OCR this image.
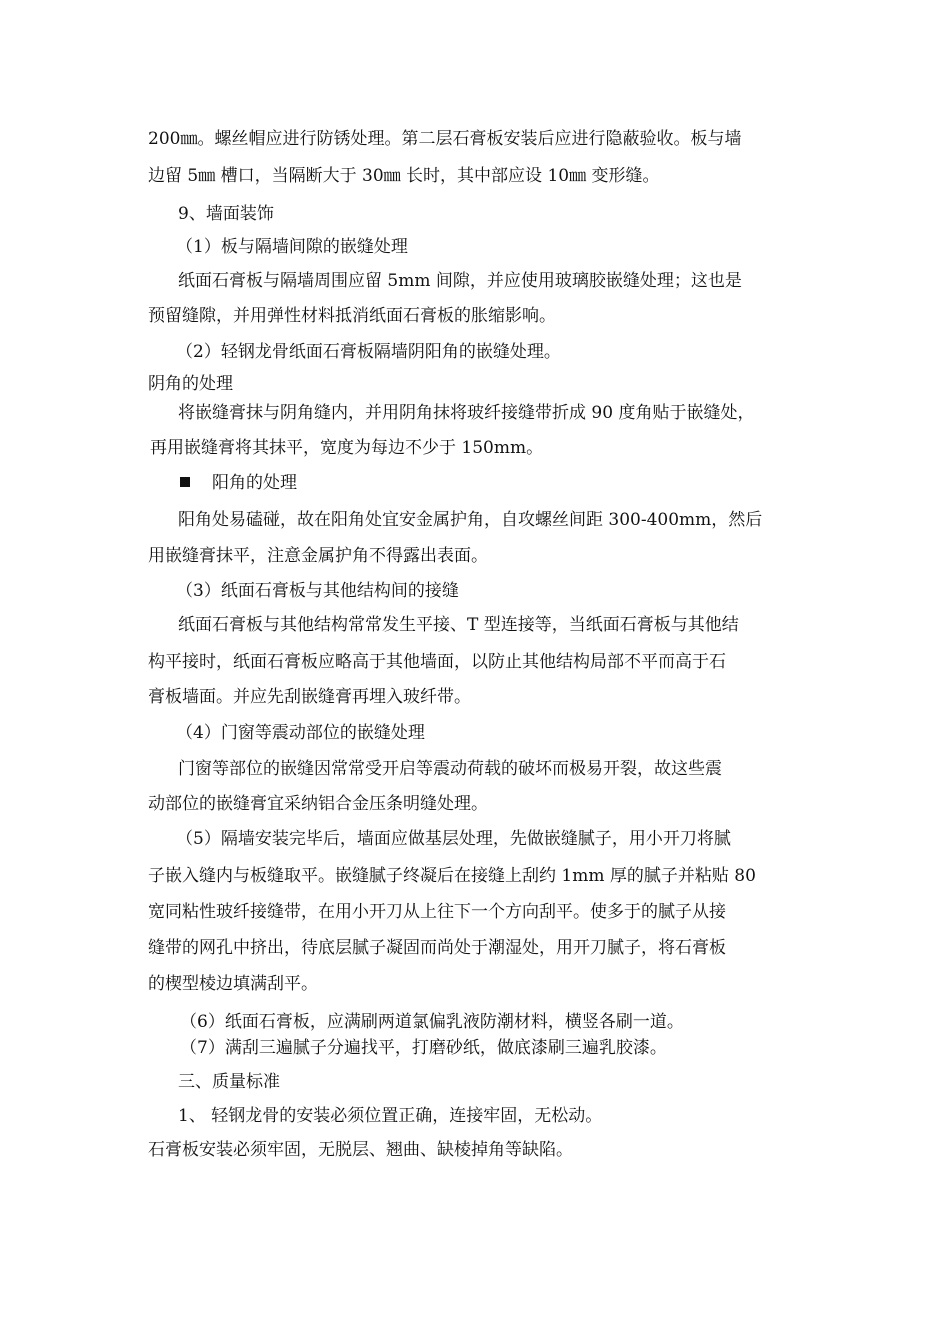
200㎜。螺丝帽应进行防锈处理。第二层石膏板安装后应进行隐蔽验收。板与墙
边留 5㎜ 槽口，当隔断大于 30㎜ 长时，其中部应设 10㎜ 变形缝。
9、墙面装饰
（1）板与隔墙间隙的嵌缝处理
纸面石膏板与隔墙周围应留 5mm 间隙，并应使用玻璃胶嵌缝处理；这也是
预留缝隙，并用弹性材料抵消纸面石膏板的胀缩影响。
（2）轻钢龙骨纸面石膏板隔墙阴阳角的嵌缝处理。
阴角的处理
将嵌缝膏抹与阴角缝内，并用阴角抹将玻纤接缝带折成 90 度角贴于嵌缝处，
再用嵌缝膏将其抹平，宽度为每边不少于 150mm。
阳角的处理
阳角处易磕碰，故在阳角处宜安金属护角，自攻螺丝间距 300-400mm，然后
用嵌缝膏抹平，注意金属护角不得露出表面。
（3）纸面石膏板与其他结构间的接缝
纸面石膏板与其他结构常常发生平接、T 型连接等，当纸面石膏板与其他结
构平接时，纸面石膏板应略高于其他墙面，以防止其他结构局部不平而高于石
膏板墙面。并应先刮嵌缝膏再埋入玻纤带。
（4）门窗等震动部位的嵌缝处理
门窗等部位的嵌缝因常常受开启等震动荷载的破坏而极易开裂，故这些震
动部位的嵌缝膏宜采纳铝合金压条明缝处理。
（5）隔墙安装完毕后，墙面应做基层处理，先做嵌缝腻子，用小开刀将腻
子嵌入缝内与板缝取平。嵌缝腻子终凝后在接缝上刮约 1mm 厚的腻子并粘贴 80
宽同粘性玻纤接缝带，在用小开刀从上往下一个方向刮平。使多于的腻子从接
缝带的网孔中挤出，待底层腻子凝固而尚处于潮湿处，用开刀腻子，将石膏板
的楔型棱边填满刮平。
（6）纸面石膏板，应满刷两道氯偏乳液防潮材料，横竖各刷一道。
（7）满刮三遍腻子分遍找平，打磨砂纸，做底漆刷三遍乳胶漆。
三、质量标准
1、 轻钢龙骨的安装必须位置正确，连接牢固，无松动。
石膏板安装必须牢固，无脱层、翘曲、缺棱掉角等缺陷。
